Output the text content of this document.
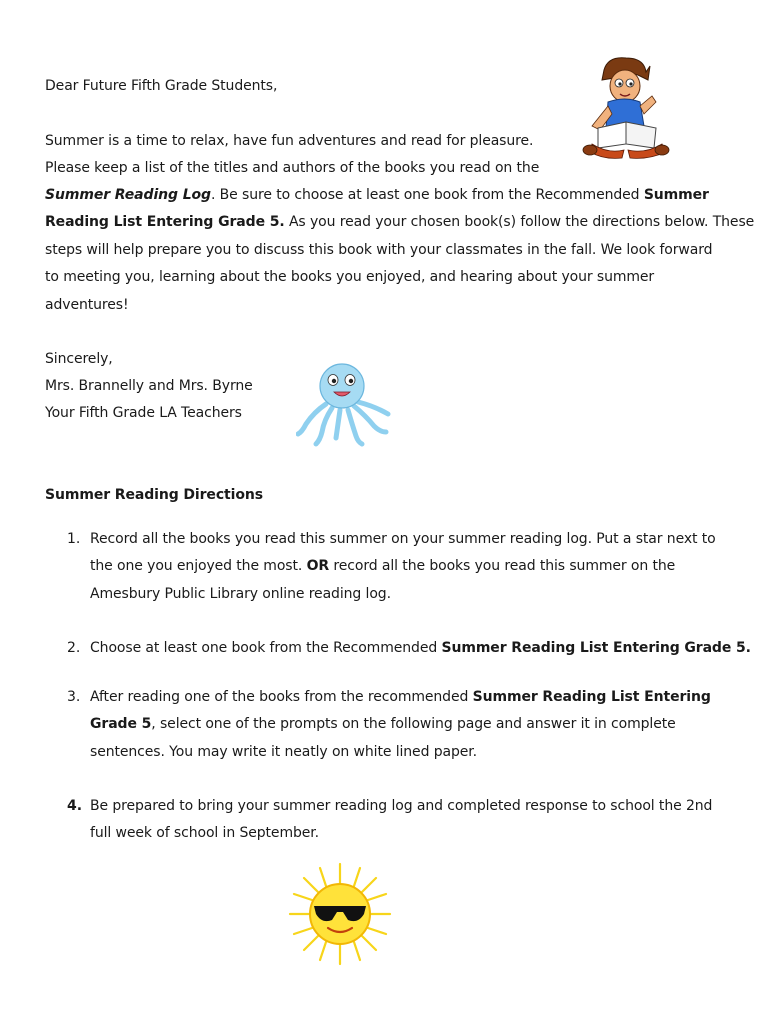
Dear Future Fifth Grade Students,
Summer is a time to relax, have fun adventures and read for pleasure.
Please keep a list of the titles and authors of the books you read on the
Summer Reading Log. Be sure to choose at least one book from the Recommended Summer
Reading List Entering Grade 5. As you read your chosen book(s) follow the directions below. These
steps will help prepare you to discuss this book with your classmates in the fall. We look forward
to meeting you, learning about the books you enjoyed, and hearing about your summer
adventures!
Sincerely,
Mrs. Brannelly and Mrs. Byrne
Your Fifth Grade LA Teachers
Summer Reading Directions
1. Record all the books you read this summer on your summer reading log. Put a star next to
the one you enjoyed the most. OR record all the books you read this summer on the
Amesbury Public Library online reading log.
2. Choose at least one book from the Recommended Summer Reading List Entering Grade 5.
3. After reading one of the books from the recommended Summer Reading List Entering
Grade 5, select one of the prompts on the following page and answer it in complete
sentences. You may write it neatly on white lined paper.
4. Be prepared to bring your summer reading log and completed response to school the 2nd
full week of school in September.
